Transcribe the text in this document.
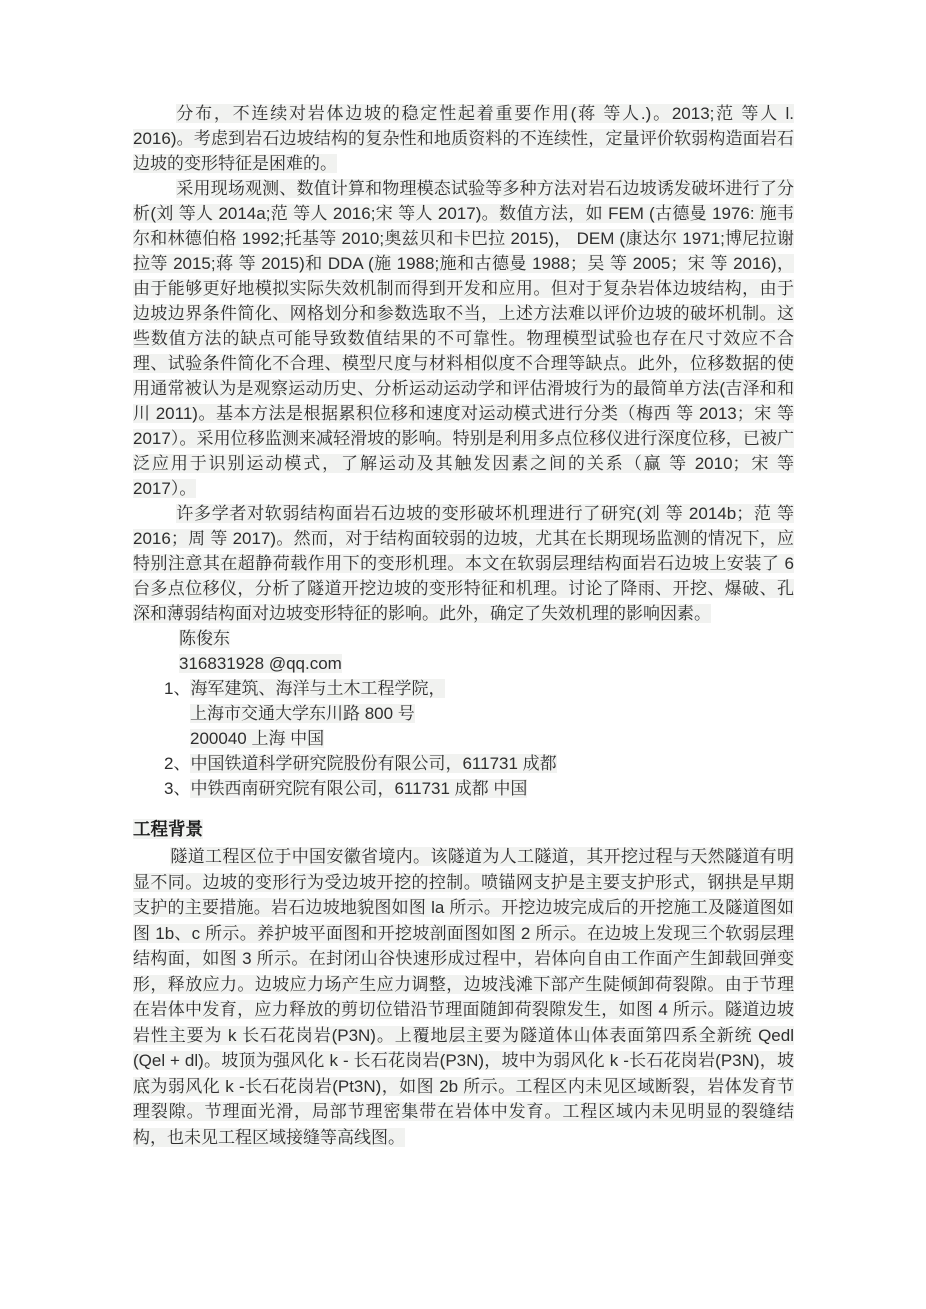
分布，不连续对岩体边坡的稳定性起着重要作用(蒋 等人.)。2013;范 等人 l. 2016)。考虑到岩石边坡结构的复杂性和地质资料的不连续性，定量评价软弱构造面岩石边坡的变形特征是困难的。

采用现场观测、数值计算和物理模态试验等多种方法对岩石边坡诱发破坏进行了分析(刘 等人 2014a;范 等人 2016;宋 等人 2017)。数值方法，如 FEM (古德曼 1976: 施韦尔和林德伯格 1992;托基等 2010;奥兹贝和卡巴拉 2015)， DEM (康达尔 1971;博尼拉谢拉等 2015;蒋 等 2015)和 DDA (施 1988;施和古德曼 1988；吴 等 2005；宋 等 2016)，由于能够更好地模拟实际失效机制而得到开发和应用。但对于复杂岩体边坡结构，由于边坡边界条件简化、网格划分和参数选取不当，上述方法难以评价边坡的破坏机制。这些数值方法的缺点可能导致数值结果的不可靠性。物理模型试验也存在尺寸效应不合理、试验条件简化不合理、模型尺度与材料相似度不合理等缺点。此外，位移数据的使用通常被认为是观察运动历史、分析运动运动学和评估滑坡行为的最简单方法(吉泽和和川 2011)。基本方法是根据累积位移和速度对运动模式进行分类（梅西 等 2013；宋 等 2017）。采用位移监测来减轻滑坡的影响。特别是利用多点位移仪进行深度位移，已被广泛应用于识别运动模式，了解运动及其触发因素之间的关系（赢 等 2010；宋 等 2017）。

许多学者对软弱结构面岩石边坡的变形破坏机理进行了研究(刘 等 2014b；范 等 2016；周 等 2017)。然而，对于结构面较弱的边坡，尤其在长期现场监测的情况下，应特别注意其在超静荷载作用下的变形机理。本文在软弱层理结构面岩石边坡上安装了 6 台多点位移仪，分析了隧道开挖边坡的变形特征和机理。讨论了降雨、开挖、爆破、孔深和薄弱结构面对边坡变形特征的影响。此外，确定了失效机理的影响因素。

陈俊东
316831928 @qq.com
1、海军建筑、海洋与土木工程学院，
上海市交通大学东川路 800 号
200040 上海 中国
2、中国铁道科学研究院股份有限公司，611731 成都
3、中铁西南研究院有限公司，611731 成都 中国
工程背景

隧道工程区位于中国安徽省境内。该隧道为人工隧道，其开挖过程与天然隧道有明显不同。边坡的变形行为受边坡开挖的控制。喷锚网支护是主要支护形式，钢拱是早期支护的主要措施。岩石边坡地貌图如图 la 所示。开挖边坡完成后的开挖施工及隧道图如图 1b、c 所示。养护坡平面图和开挖坡剖面图如图 2 所示。在边坡上发现三个软弱层理结构面，如图 3 所示。在封闭山谷快速形成过程中，岩体向自由工作面产生卸载回弹变形，释放应力。边坡应力场产生应力调整，边坡浅滩下部产生陡倾卸荷裂隙。由于节理在岩体中发育，应力释放的剪切位错沿节理面随卸荷裂隙发生，如图 4 所示。隧道边坡岩性主要为 k 长石花岗岩(P3N)。上覆地层主要为隧道体山体表面第四系全新统 Qedl (Qel + dl)。坡顶为强风化 k - 长石花岗岩(P3N)，坡中为弱风化 k -长石花岗岩(P3N)，坡底为弱风化 k -长石花岗岩(Pt3N)，如图 2b 所示。工程区内未见区域断裂，岩体发育节理裂隙。节理面光滑，局部节理密集带在岩体中发育。工程区域内未见明显的裂缝结构，也未见工程区域接缝等高线图。
